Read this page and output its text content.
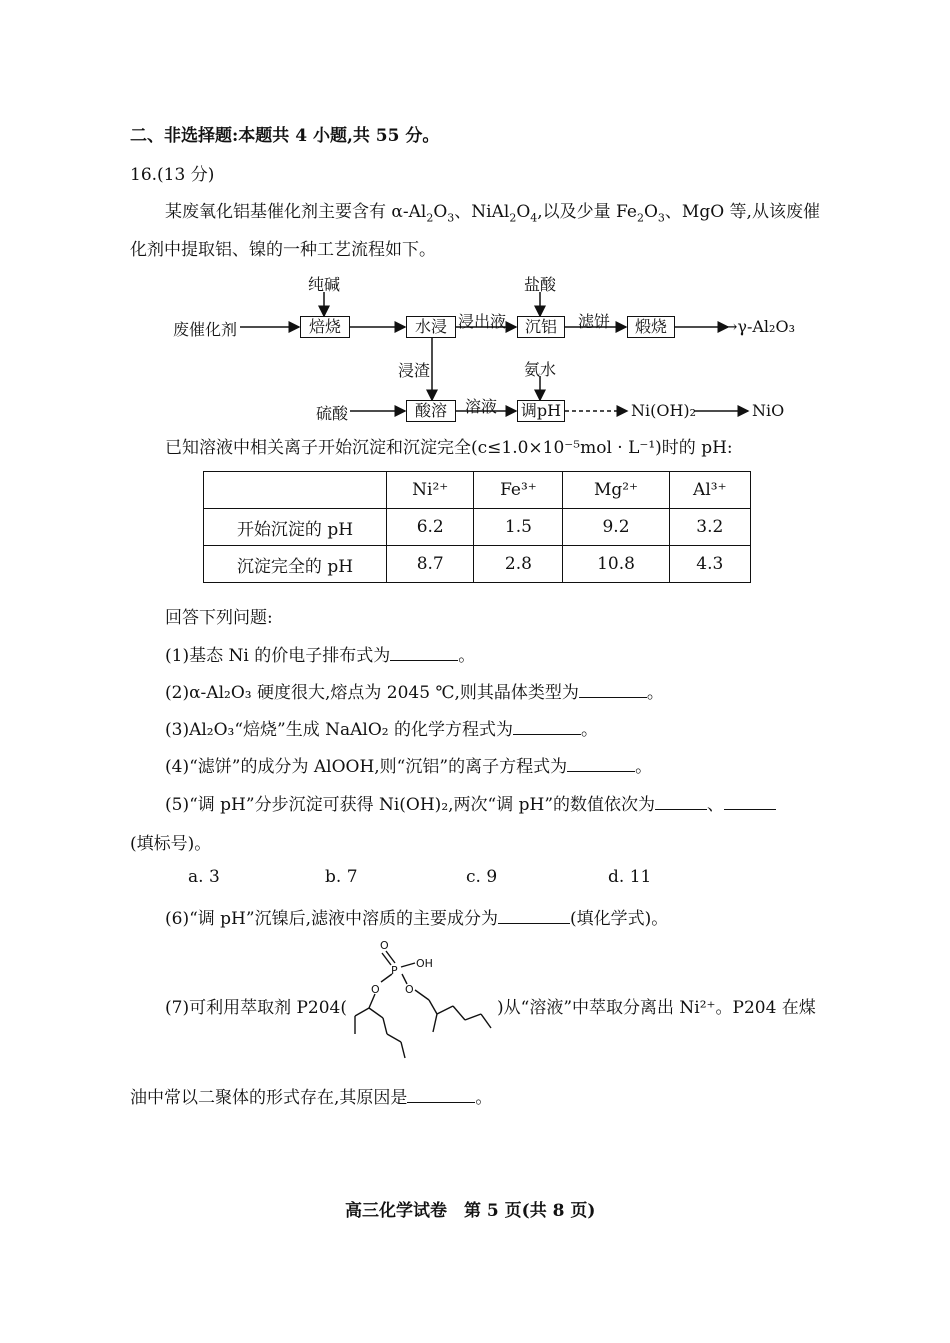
二、非选择题:本题共 4 小题,共 55 分。
16.(13 分)
某废氧化铝基催化剂主要含有 $\alpha-Al_2O_3$、$NiAl_2O_4$,以及少量 $Fe_2O_3$、MgO 等,从该废催
化剂中提取铝、镍的一种工艺流程如下。
废催化剂
纯碱
焙烧	水浸 浸出液
盐酸
沉铝	滤饼	煅烧	→γ-Al₂O₃
浸渣	氨水
硫酸	酸溶	溶液 调pH	Ni(OH)₂	NiO
已知溶液中相关离子开始沉淀和沉淀完全(c≤1.0×10⁻⁵mol · L⁻¹)时的 pH:
	Ni²⁺	Fe³⁺	Mg²⁺	Al³⁺
开始沉淀的 pH	6.2	1.5	9.2	3.2
沉淀完全的 pH	8.7	2.8	10.8	4.3
回答下列问题:
(1)基态 Ni 的价电子排布式为	。
(2)α-Al₂O₃ 硬度很大,熔点为 2045 ℃,则其晶体类型为	。
(3)Al₂O₃“焙烧”生成 NaAlO₂ 的化学方程式为	。
(4)“滤饼”的成分为 AlOOH,则“沉铝”的离子方程式为	。
(5)“调 pH”分步沉淀可获得 Ni(OH)₂,两次“调 pH”的数值依次为	、
(填标号)。
a. 3	b. 7	c. 9	d. 11
(6)“调 pH”沉镍后,滤液中溶质的主要成分为	(填化学式)。
(7)可利用萃取剂 P204(
O
P
OH
O O
)从“溶液”中萃取分离出 Ni²⁺。P204 在煤
油中常以二聚体的形式存在,其原因是	。
高三化学试卷　第 5 页(共 8 页)
